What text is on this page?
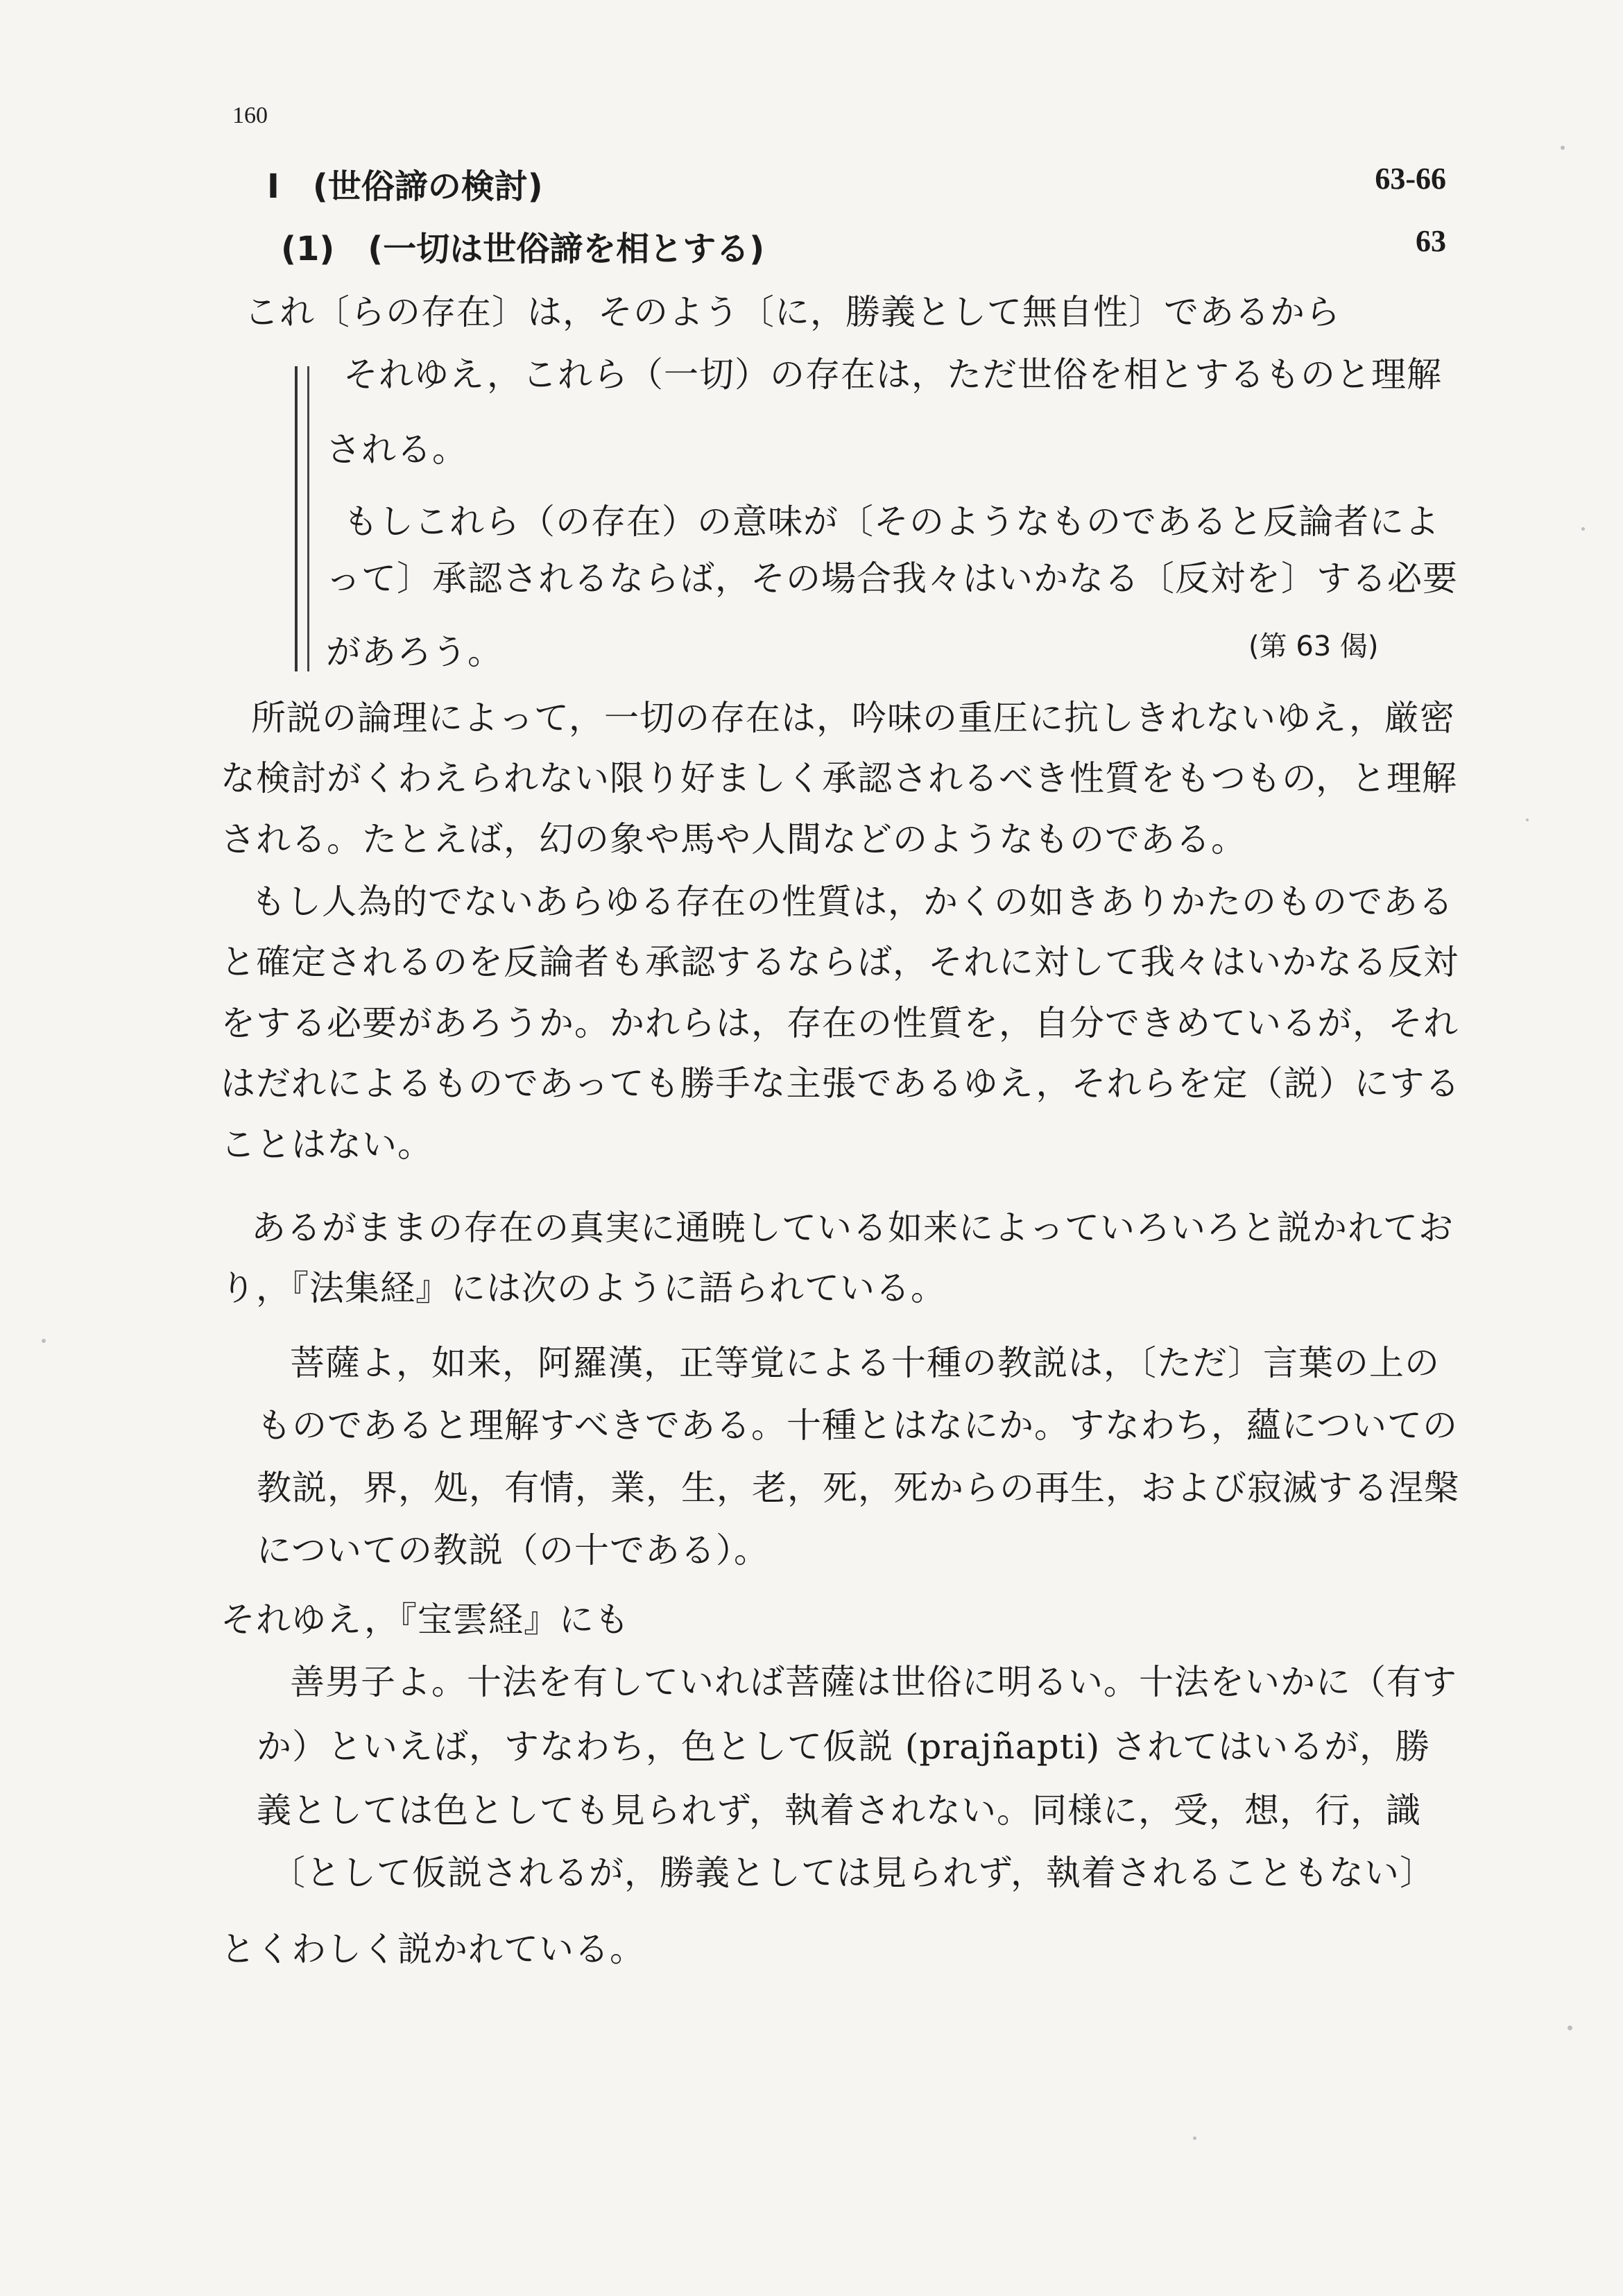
160
Ⅰ　(世俗諦の検討)	63-66
(1)　(一切は世俗諦を相とする)	63
これ〔らの存在〕は，そのよう〔に，勝義として無自性〕であるから
それゆえ，これら（一切）の存在は，ただ世俗を相とするものと理解
される。
もしこれら（の存在）の意味が〔そのようなものであると反論者によ
って〕承認されるならば，その場合我々はいかなる〔反対を〕する必要
があろう。	(第 63 偈)
所説の論理によって，一切の存在は，吟味の重圧に抗しきれないゆえ，厳密
な検討がくわえられない限り好ましく承認されるべき性質をもつもの，と理解
される。たとえば，幻の象や馬や人間などのようなものである。
もし人為的でないあらゆる存在の性質は，かくの如きありかたのものである
と確定されるのを反論者も承認するならば，それに対して我々はいかなる反対
をする必要があろうか。かれらは，存在の性質を，自分できめているが，それ
はだれによるものであっても勝手な主張であるゆえ，それらを定（説）にする
ことはない。
あるがままの存在の真実に通暁している如来によっていろいろと説かれてお
り，『法集経』には次のように語られている。
菩薩よ，如来，阿羅漢，正等覚による十種の教説は，〔ただ〕言葉の上の
ものであると理解すべきである。十種とはなにか。すなわち，蘊についての
教説，界，処，有情，業，生，老，死，死からの再生，および寂滅する涅槃
についての教説（の十である）。
それゆえ，『宝雲経』にも
善男子よ。十法を有していれば菩薩は世俗に明るい。十法をいかに（有す
か）といえば，すなわち，色として仮説 (prajñapti) されてはいるが，勝
義としては色としても見られず，執着されない。同様に，受，想，行，識
〔として仮説されるが，勝義としては見られず，執着されることもない〕
とくわしく説かれている。
